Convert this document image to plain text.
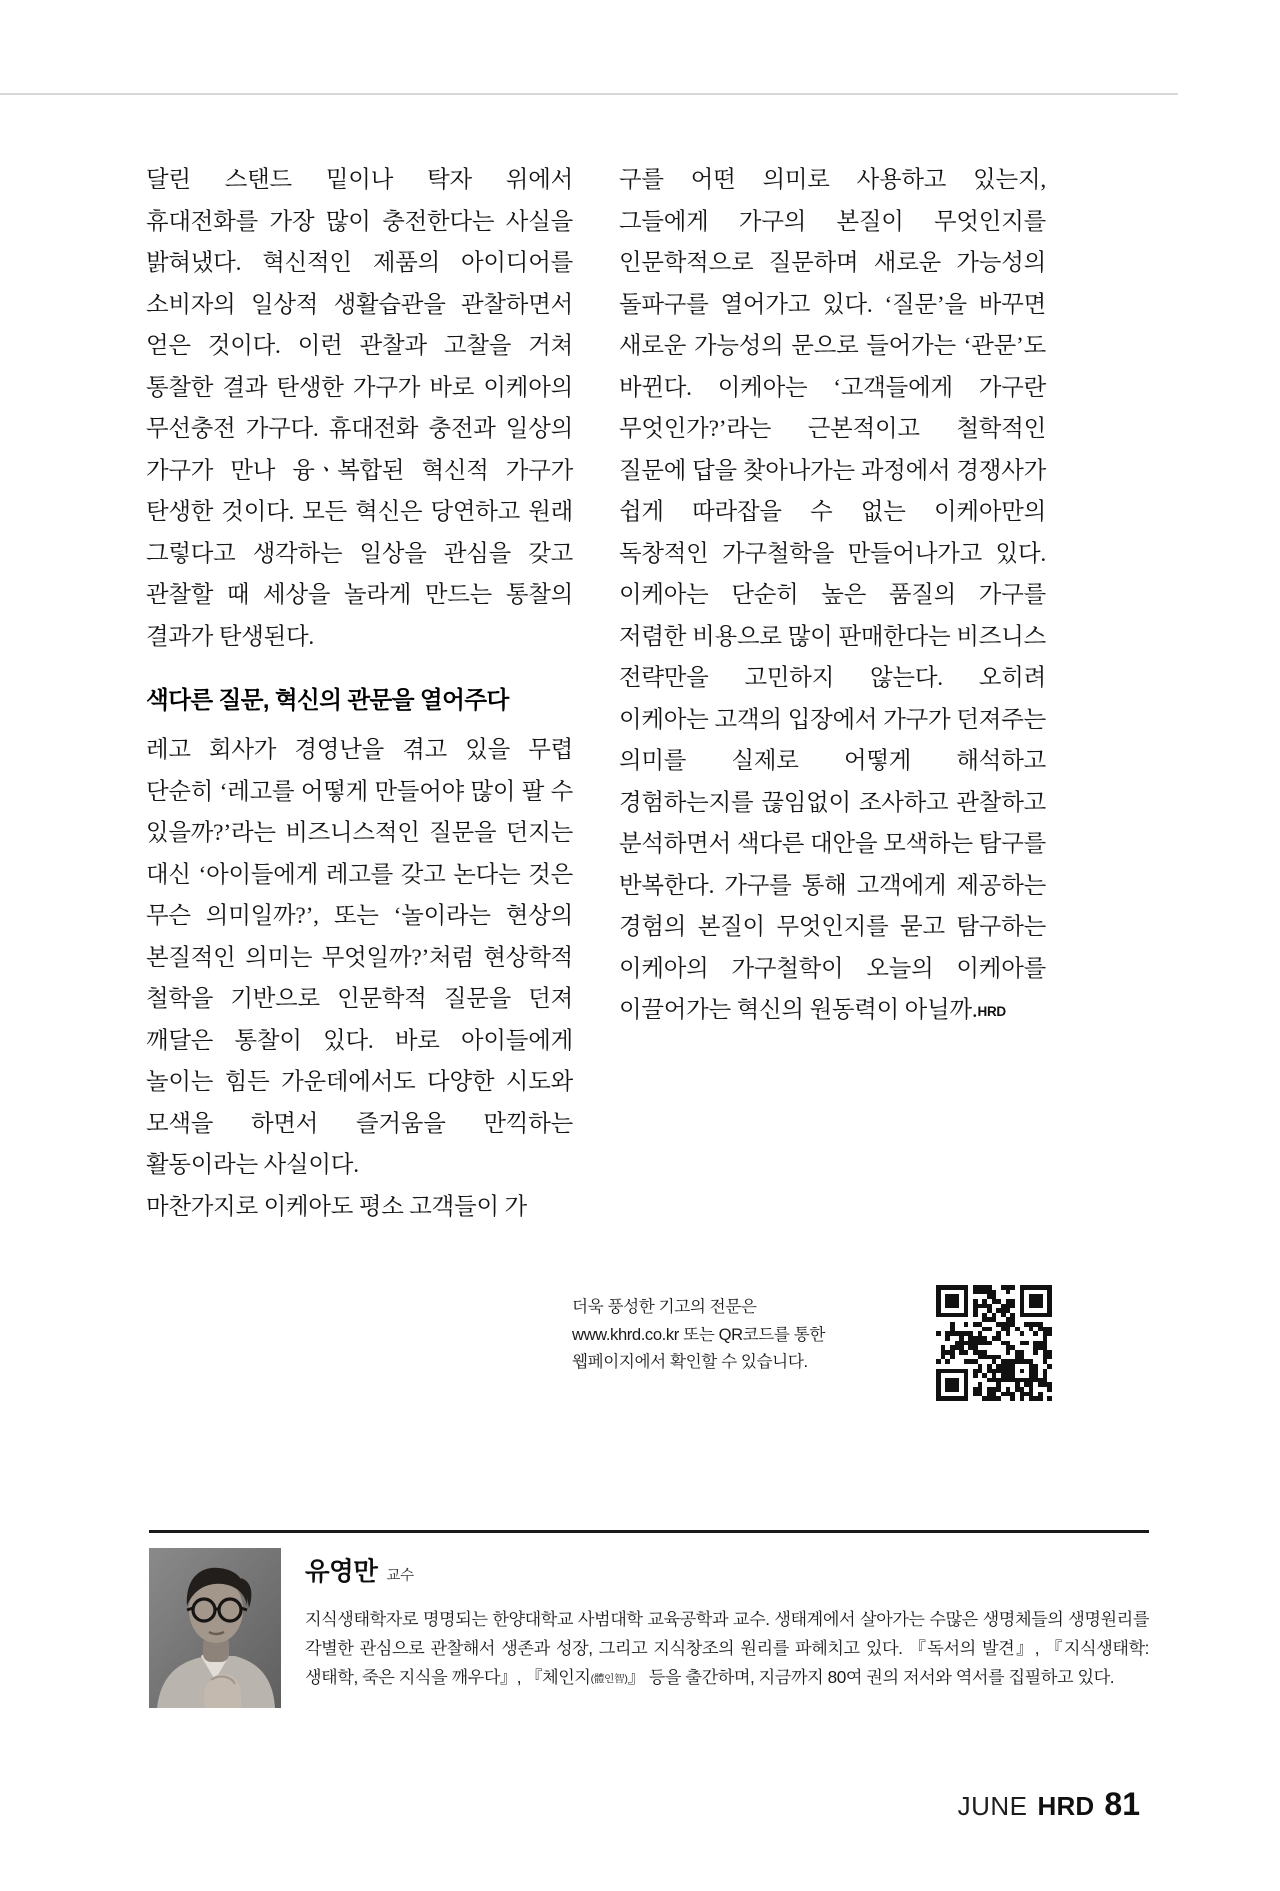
달린 스탠드 밑이나 탁자 위에서 휴대전화를 가장 많이 충전한다는 사실을 밝혀냈다. 혁신적인 제품의 아이디어를 소비자의 일상적 생활습관을 관찰하면서 얻은 것이다. 이런 관찰과 고찰을 거쳐 통찰한 결과 탄생한 가구가 바로 이케아의 무선충전 가구다. 휴대전화 충전과 일상의 가구가 만나 융ㆍ복합된 혁신적 가구가 탄생한 것이다. 모든 혁신은 당연하고 원래 그렇다고 생각하는 일상을 관심을 갖고 관찰할 때 세상을 놀라게 만드는 통찰의 결과가 탄생된다.

색다른 질문, 혁신의 관문을 열어주다

레고 회사가 경영난을 겪고 있을 무렵 단순히 ‘레고를 어떻게 만들어야 많이 팔 수 있을까?’라는 비즈니스적인 질문을 던지는 대신 ‘아이들에게 레고를 갖고 논다는 것은 무슨 의미일까?’, 또는 ‘놀이라는 현상의 본질적인 의미는 무엇일까?’처럼 현상학적 철학을 기반으로 인문학적 질문을 던져 깨달은 통찰이 있다. 바로 아이들에게 놀이는 힘든 가운데에서도 다양한 시도와 모색을 하면서 즐거움을 만끽하는 활동이라는 사실이다.

마찬가지로 이케아도 평소 고객들이 가

구를 어떤 의미로 사용하고 있는지, 그들에게 가구의 본질이 무엇인지를 인문학적으로 질문하며 새로운 가능성의 돌파구를 열어가고 있다. ‘질문’을 바꾸면 새로운 가능성의 문으로 들어가는 ‘관문’도 바뀐다. 이케아는 ‘고객들에게 가구란 무엇인가?’라는 근본적이고 철학적인 질문에 답을 찾아나가는 과정에서 경쟁사가 쉽게 따라잡을 수 없는 이케아만의 독창적인 가구철학을 만들어나가고 있다. 이케아는 단순히 높은 품질의 가구를 저렴한 비용으로 많이 판매한다는 비즈니스 전략만을 고민하지 않는다. 오히려 이케아는 고객의 입장에서 가구가 던져주는 의미를 실제로 어떻게 해석하고 경험하는지를 끊임없이 조사하고 관찰하고 분석하면서 색다른 대안을 모색하는 탐구를 반복한다. 가구를 통해 고객에게 제공하는 경험의 본질이 무엇인지를 묻고 탐구하는 이케아의 가구철학이 오늘의 이케아를 이끌어가는 혁신의 원동력이 아닐까.HRD

더욱 풍성한 기고의 전문은
www.khrd.co.kr 또는 QR코드를 통한
웹페이지에서 확인할 수 있습니다.
유영만 교수

지식생태학자로 명명되는 한양대학교 사범대학 교육공학과 교수. 생태계에서 살아가는 수많은 생명체들의 생명원리를 각별한 관심으로 관찰해서 생존과 성장, 그리고 지식창조의 원리를 파헤치고 있다. 『독서의 발견』, 『지식생태학: 생태학, 죽은 지식을 깨우다』, 『체인지(體인智)』 등을 출간하며, 지금까지 80여 권의 저서와 역서를 집필하고 있다.

JUNE HRD 81
